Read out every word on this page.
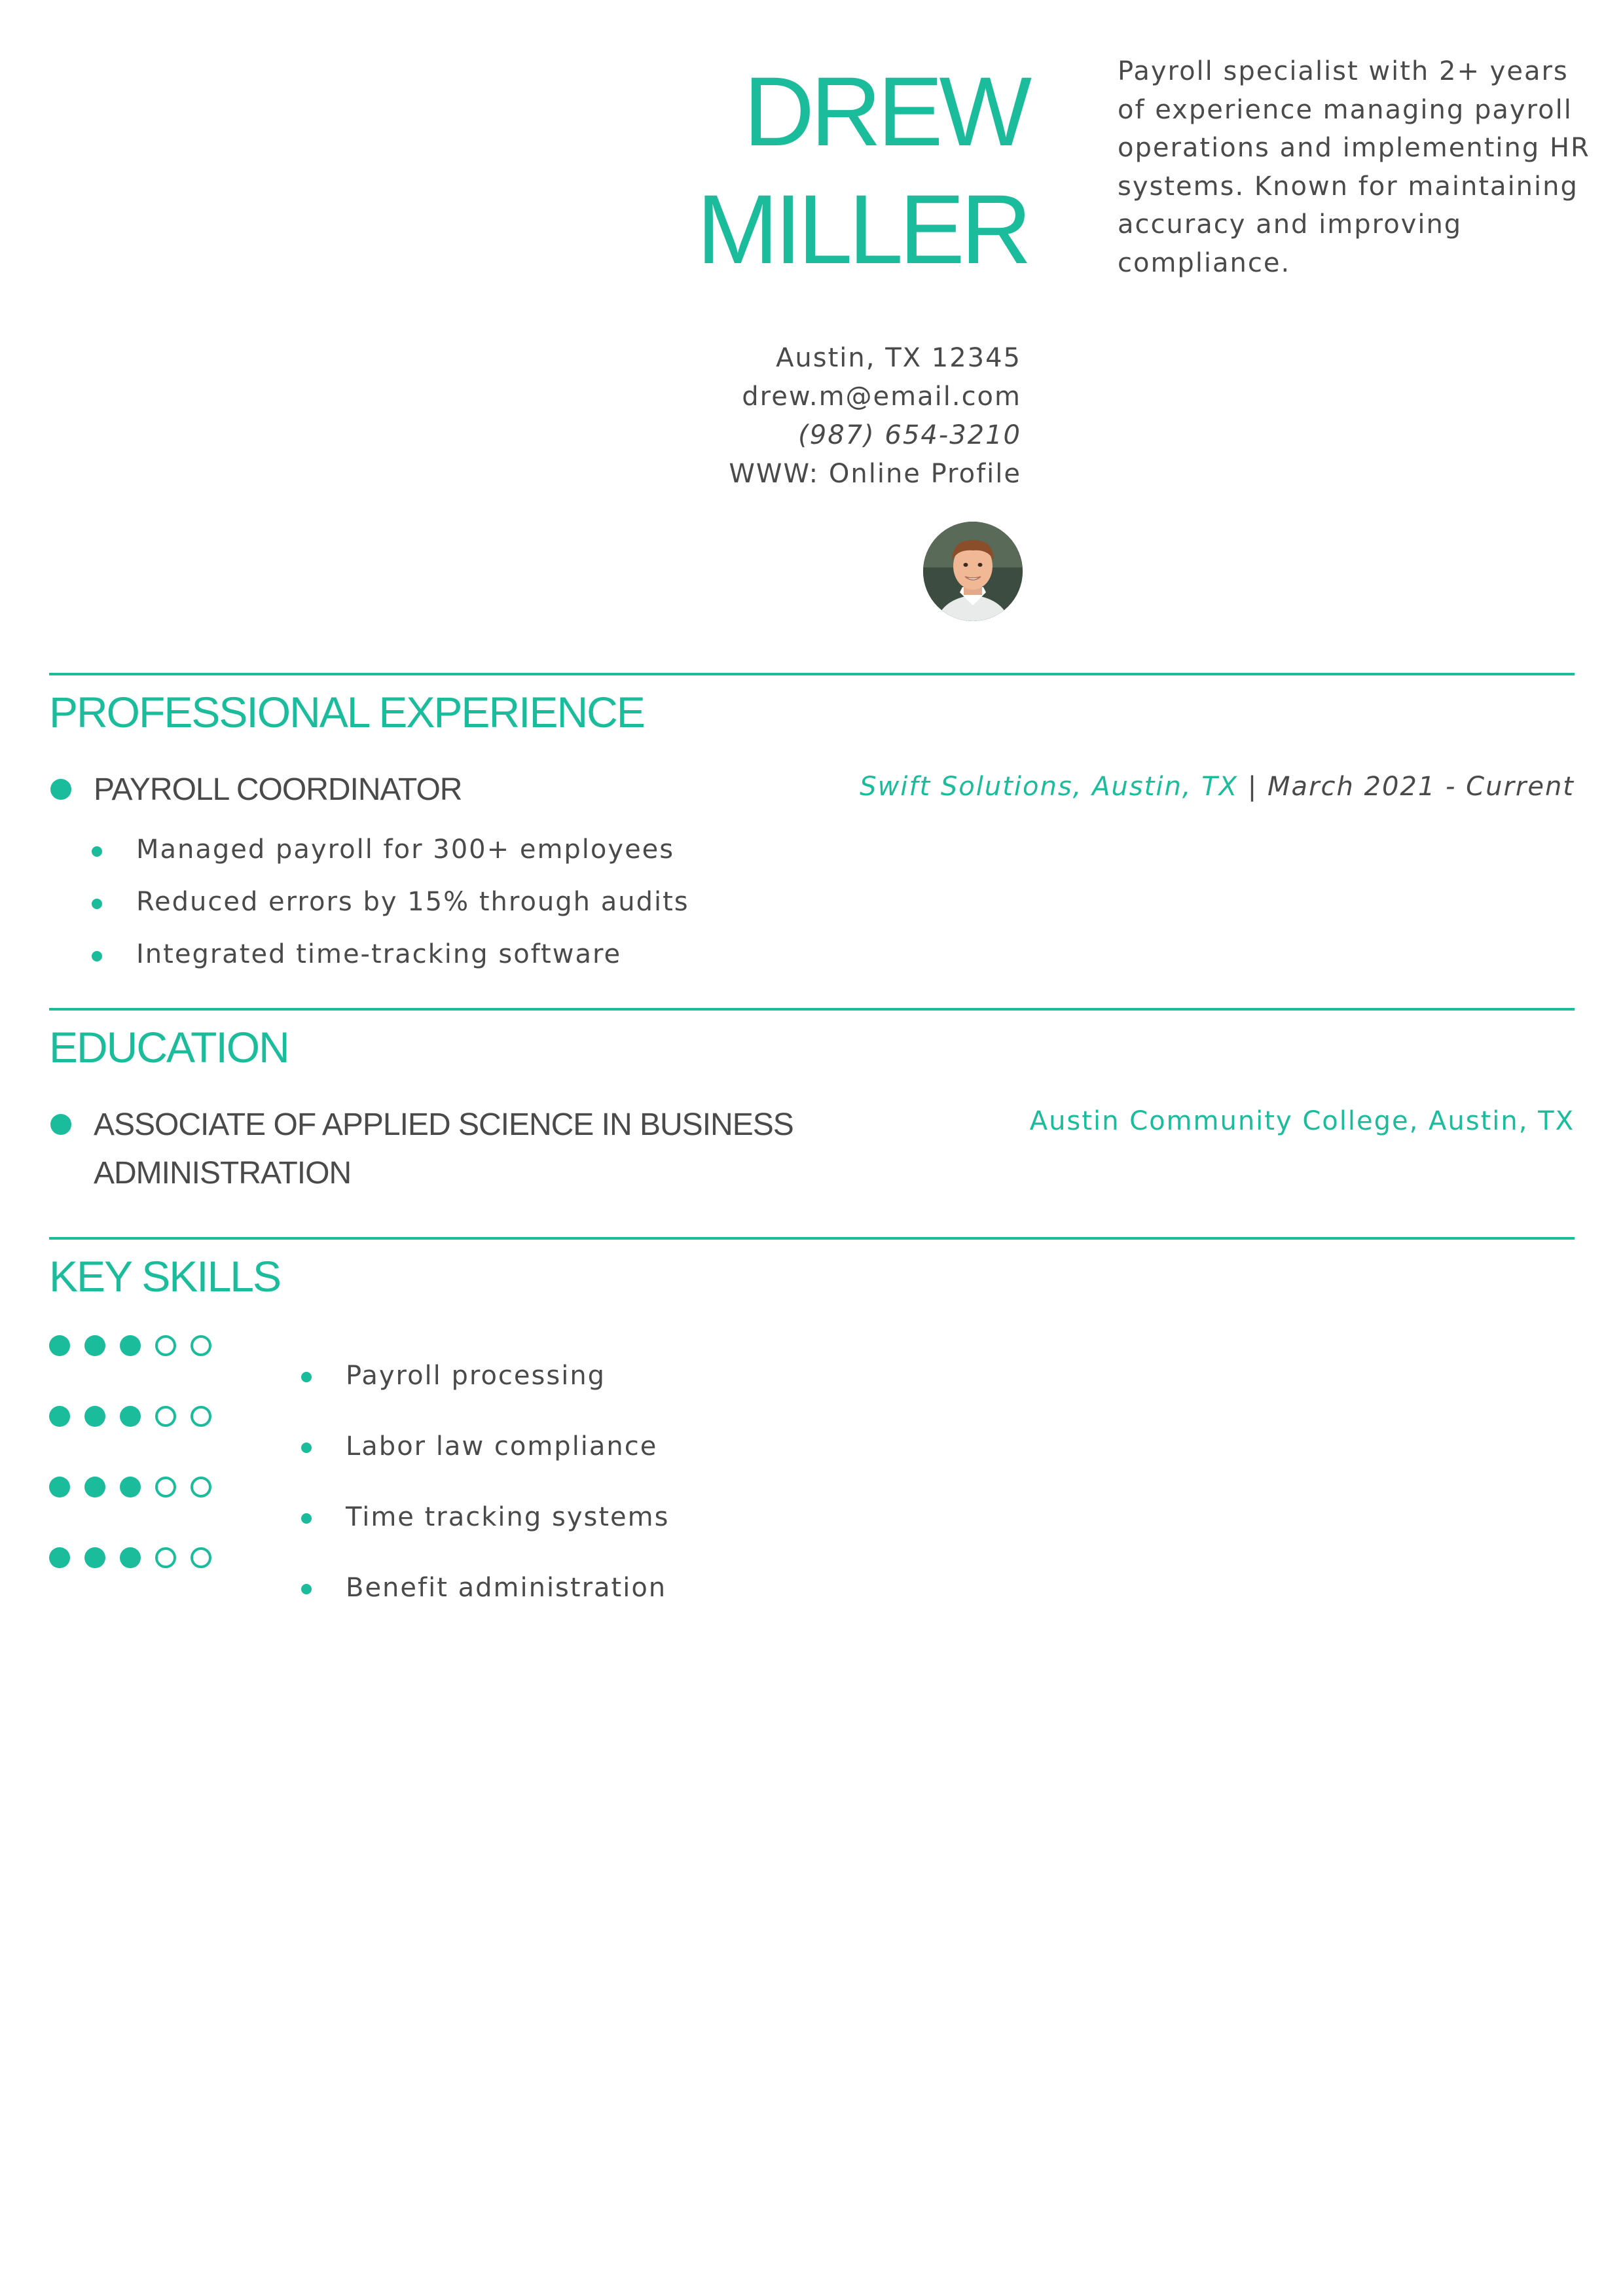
DREW
MILLER
Payroll specialist with 2+ years of experience managing payroll operations and implementing HR systems. Known for maintaining accuracy and improving compliance.
Austin, TX 12345
drew.m@email.com
(987) 654-3210
WWW: Online Profile
PROFESSIONAL EXPERIENCE
PAYROLL COORDINATOR	Swift Solutions, Austin, TX | March 2021 - Current
Managed payroll for 300+ employees
Reduced errors by 15% through audits
Integrated time-tracking software
EDUCATION
ASSOCIATE OF APPLIED SCIENCE IN BUSINESS
ADMINISTRATION
Austin Community College, Austin, TX
KEY SKILLS
Payroll processing
Labor law compliance
Time tracking systems
Benefit administration
